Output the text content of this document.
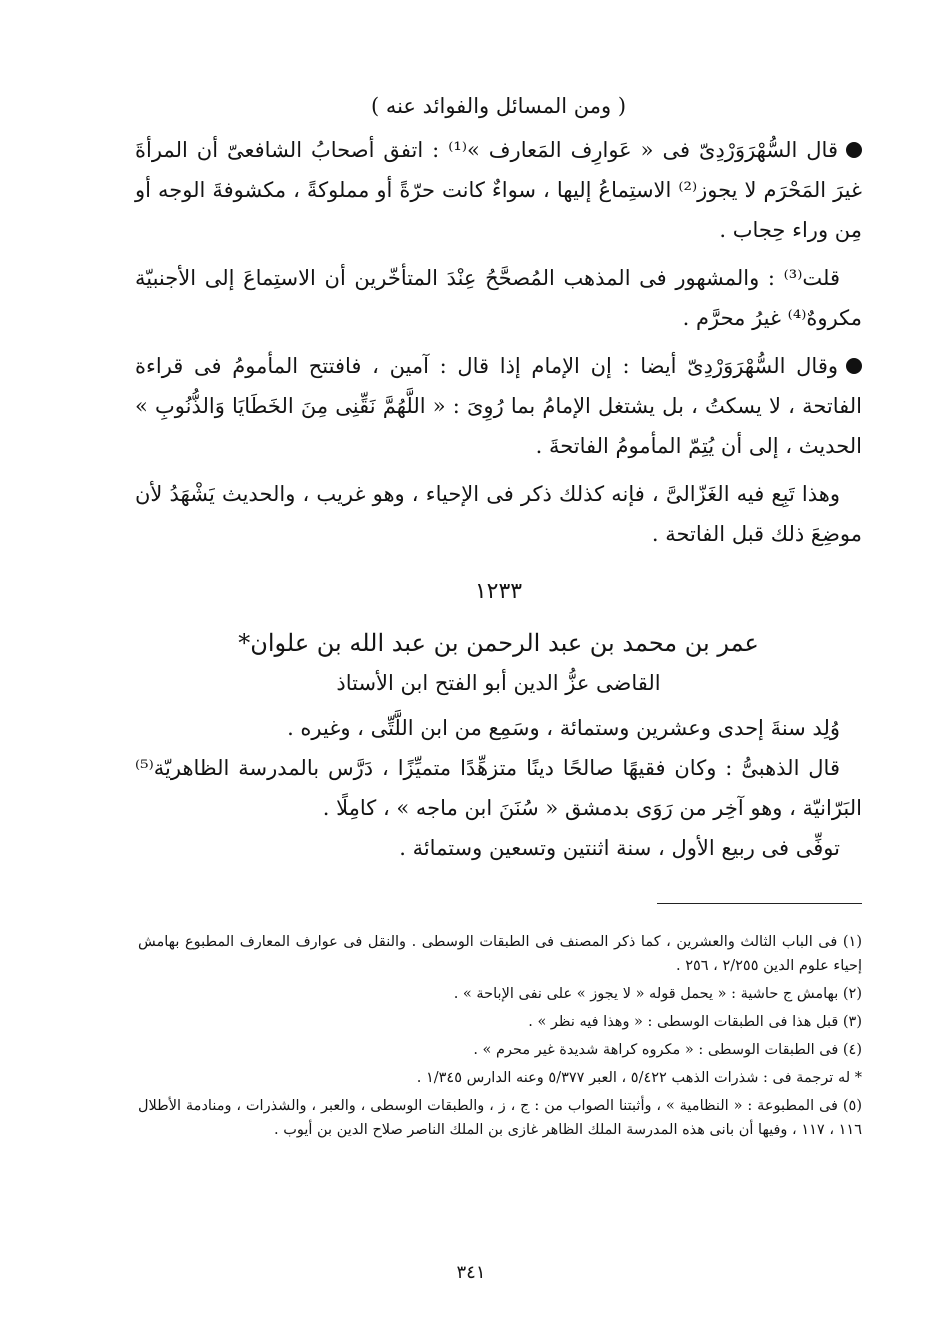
( ومن المسائل والفوائد عنه )

قال السُّهْرَوَرْدِىّ فى « عَوارِف المَعارف »⁽¹⁾ : اتفق أصحابُ الشافعىّ أن المرأةَ غيرَ المَحْرَم لا يجوز⁽²⁾ الاستِماعُ إليها ، سواءٌ كانت حرّةً أو مملوكةً ، مكشوفةَ الوجه أو مِن وراء حِجاب .

قلت⁽³⁾ : والمشهور فى المذهب المُصحَّحُ عِنْدَ المتأخّرين أن الاستِماعَ إلى الأجنبيّة مكروهٌ⁽⁴⁾ غيرُ محرَّم .

وقال السُّهْرَوَرْدِىّ أيضا : إن الإمام إذا قال : آمين ، فافتتح المأمومُ فى قراءة الفاتحة ، لا يسكتُ ، بل يشتغل الإمامُ بما رُوِىَ : « اللَّهُمَّ نَقِّنِى مِنَ الخَطَايَا وَالذُّنُوبِ » الحديث ، إلى أن يُتِمّ المأمومُ الفاتحةَ .

وهذا تَبِع فيه الغَزّالىَّ ، فإنه كذلك ذكر فى الإحياء ، وهو غريب ، والحديث يَشْهَدُ لأن موضِعَ ذلك قبل الفاتحة .

١٢٣٣
عمر بن محمد بن عبد الرحمن بن عبد الله بن علوان*
القاضى عزُّ الدين أبو الفتح ابن الأستاذ

وُلِد سنةَ إحدى وعشرين وستمائة ، وسَمِع من ابن اللَّتِّى ، وغيره .

قال الذهبىُّ : وكان فقيهًا صالحًا دينًا متزهِّدًا متميِّزًا ، دَرَّس بالمدرسة الظاهريّة⁽⁵⁾ البَرّانيّة ، وهو آخِر من رَوَى بدمشق « سُنَنَ ابن ماجه » ، كامِلًا .

توفِّى فى ربيع الأول ، سنة اثنتين وتسعين وستمائة .

(١) فى الباب الثالث والعشرين ، كما ذكر المصنف فى الطبقات الوسطى . والنقل فى عوارف المعارف المطبوع بهامش إحياء علوم الدين ٢/٢٥٥ ، ٢٥٦ .

(٢) بهامش ج حاشية : « يحمل قوله « لا يجوز » على نفى الإباحة » .

(٣) قبل هذا فى الطبقات الوسطى : « وهذا فيه نظر » .

(٤) فى الطبقات الوسطى : « مكروه كراهة شديدة غير محرم » .

* له ترجمة فى : شذرات الذهب ٥/٤٢٢ ، العبر ٥/٣٧٧ وعنه الدارس ١/٣٤٥ .

(٥) فى المطبوعة : « النظامية » ، وأثبتنا الصواب من : ج ، ز ، والطبقات الوسطى ، والعبر ، والشذرات ، ومنادمة الأطلال ١١٦ ، ١١٧ ، وفيها أن بانى هذه المدرسة الملك الظاهر غازى بن الملك الناصر صلاح الدين بن أيوب .

٣٤١
